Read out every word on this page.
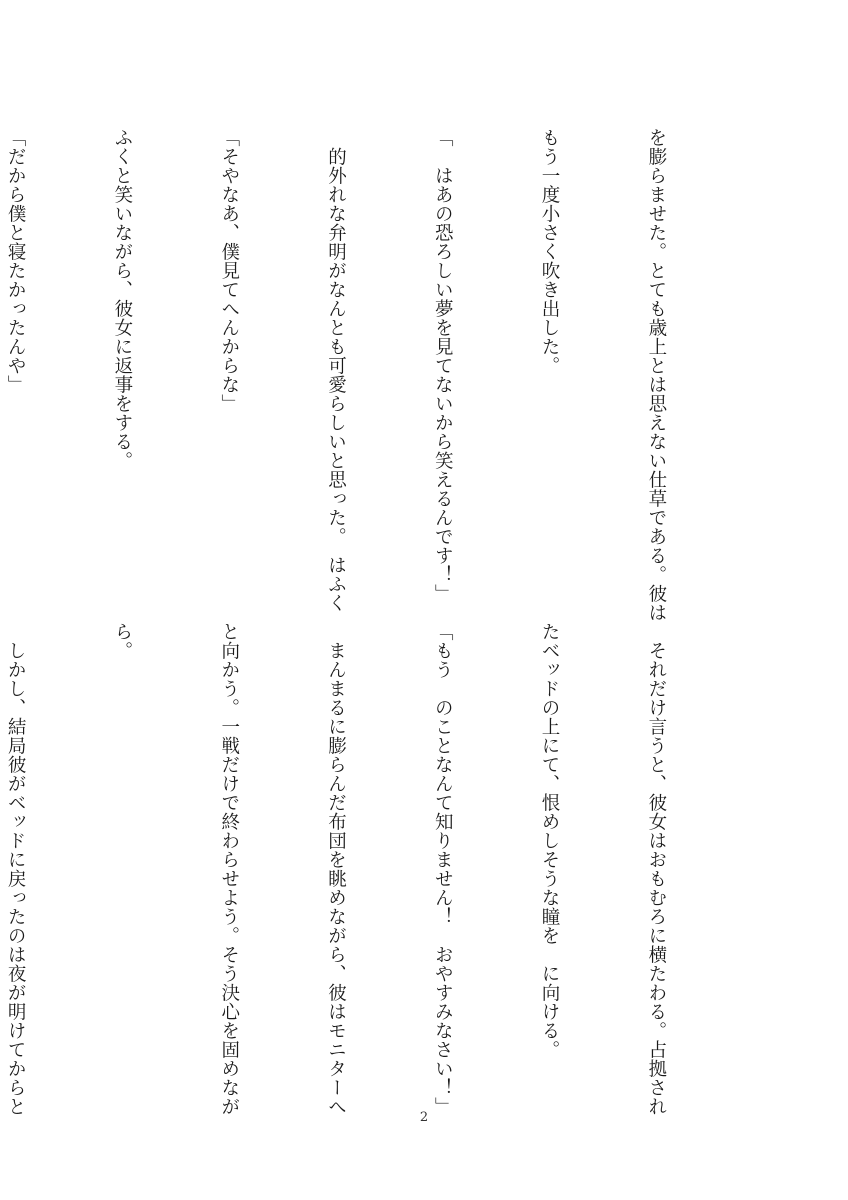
を膨らませた。とても歳上とは思えない仕草である。彼は

もう一度小さく吹き出した。

「　はあの恐ろしい夢を見てないから笑えるんです！」

　的外れな弁明がなんとも可愛らしいと思った。　はふく

「そやなあ、僕見てへんからな」

ふくと笑いながら、彼女に返事をする。

「だから僕と寝たかったんや」

　それだけ言うと、彼女はおもむろに横たわる。占拠され

たベッドの上にて、恨めしそうな瞳を　に向ける。

「もう　のことなんて知りません！　おやすみなさい！」

　まんまるに膨らんだ布団を眺めながら、彼はモニターへ

と向かう。一戦だけで終わらせよう。そう決心を固めなが

ら。

　しかし、結局彼がベッドに戻ったのは夜が明けてからと

2
